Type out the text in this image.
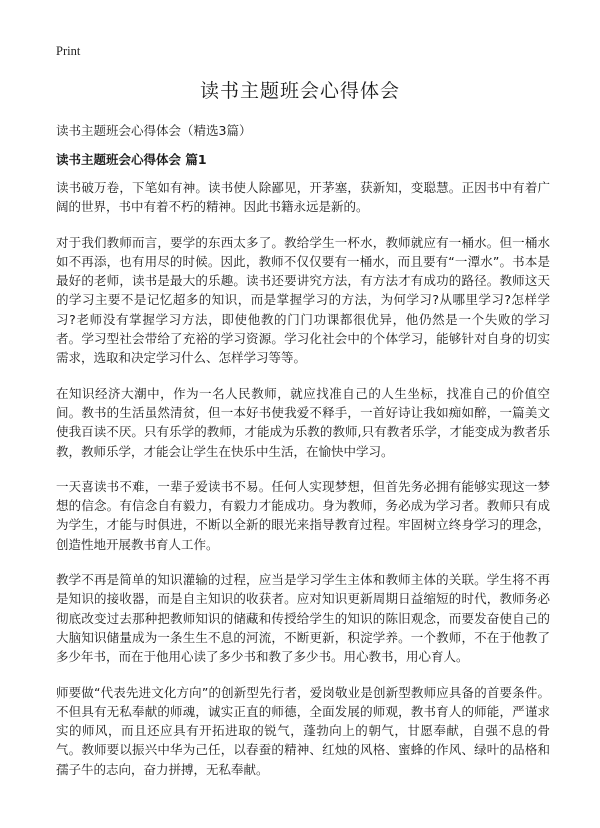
Print
读书主题班会心得体会
读书主题班会心得体会（精选3篇）
读书主题班会心得体会 篇1

读书破万卷，下笔如有神。读书使人除鄙见，开茅塞，获新知，变聪慧。正因书中有着广阔的世界，书中有着不朽的精神。因此书籍永远是新的。

对于我们教师而言，要学的东西太多了。教给学生一杯水，教师就应有一桶水。但一桶水如不再添，也有用尽的时候。因此，教师不仅仅要有一桶水，而且要有“一潭水”。书本是最好的老师，读书是最大的乐趣。读书还要讲究方法，有方法才有成功的路径。教师这天的学习主要不是记忆超多的知识，而是掌握学习的方法，为何学习?从哪里学习?怎样学习?老师没有掌握学习方法，即使他教的门门功课都很优异，他仍然是一个失败的学习者。学习型社会带给了充裕的学习资源。学习化社会中的个体学习，能够针对自身的切实需求，选取和决定学习什么、怎样学习等等。

在知识经济大潮中，作为一名人民教师，就应找准自己的人生坐标，找准自己的价值空间。教书的生活虽然清贫，但一本好书使我爱不释手，一首好诗让我如痴如醉，一篇美文使我百读不厌。只有乐学的教师，才能成为乐教的教师,只有教者乐学，才能变成为教者乐教，教师乐学，才能会让学生在快乐中生活，在愉快中学习。

一天喜读书不难，一辈子爱读书不易。任何人实现梦想，但首先务必拥有能够实现这一梦想的信念。有信念自有毅力，有毅力才能成功。身为教师，务必成为学习者。教师只有成为学生，才能与时俱进，不断以全新的眼光来指导教育过程。牢固树立终身学习的理念，创造性地开展教书育人工作。

教学不再是简单的知识灌输的过程，应当是学习学生主体和教师主体的关联。学生将不再是知识的接收器，而是自主知识的收获者。应对知识更新周期日益缩短的时代，教师务必彻底改变过去那种把教师知识的储藏和传授给学生的知识的陈旧观念，而要发奋使自己的大脑知识储量成为一条生生不息的河流，不断更新，积淀学养。一个教师，不在于他教了多少年书，而在于他用心读了多少书和教了多少书。用心教书，用心育人。

师要做“代表先进文化方向”的创新型先行者，爱岗敬业是创新型教师应具备的首要条件。不但具有无私奉献的师魂，诚实正直的师德，全面发展的师观，教书育人的师能，严谨求实的师风，而且还应具有开拓进取的锐气，蓬勃向上的朝气，甘愿奉献，自强不息的骨气。教师要以振兴中华为己任，以春蚕的精神、红烛的风格、蜜蜂的作风、绿叶的品格和孺子牛的志向，奋力拼搏，无私奉献。
